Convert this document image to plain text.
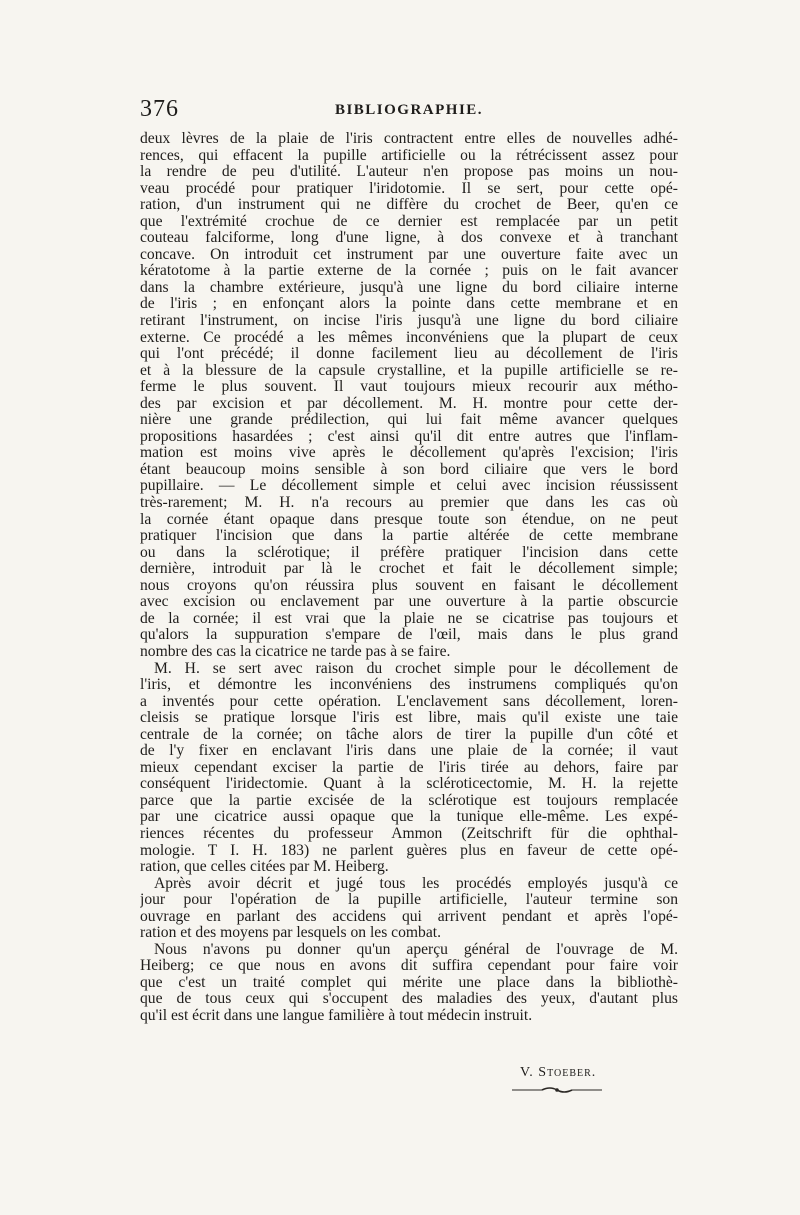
376	BIBLIOGRAPHIE.
deux lèvres de la plaie de l'iris contractent entre elles de nouvelles adhé-
rences, qui effacent la pupille artificielle ou la rétrécissent assez pour
la rendre de peu d'utilité. L'auteur n'en propose pas moins un nou-
veau procédé pour pratiquer l'iridotomie. Il se sert, pour cette opé-
ration, d'un instrument qui ne diffère du crochet de Beer, qu'en ce
que l'extrémité crochue de ce dernier est remplacée par un petit
couteau falciforme, long d'une ligne, à dos convexe et à tranchant
concave. On introduit cet instrument par une ouverture faite avec un
kératotome à la partie externe de la cornée ; puis on le fait avancer
dans la chambre extérieure, jusqu'à une ligne du bord ciliaire interne
de l'iris ; en enfonçant alors la pointe dans cette membrane et en
retirant l'instrument, on incise l'iris jusqu'à une ligne du bord ciliaire
externe. Ce procédé a les mêmes inconvéniens que la plupart de ceux
qui l'ont précédé; il donne facilement lieu au décollement de l'iris
et à la blessure de la capsule crystalline, et la pupille artificielle se re-
ferme le plus souvent. Il vaut toujours mieux recourir aux métho-
des par excision et par décollement. M. H. montre pour cette der-
nière une grande prédilection, qui lui fait même avancer quelques
propositions hasardées ; c'est ainsi qu'il dit entre autres que l'inflam-
mation est moins vive après le décollement qu'après l'excision; l'iris
étant beaucoup moins sensible à son bord ciliaire que vers le bord
pupillaire. — Le décollement simple et celui avec incision réussissent
très-rarement; M. H. n'a recours au premier que dans les cas où
la cornée étant opaque dans presque toute son étendue, on ne peut
pratiquer l'incision que dans la partie altérée de cette membrane
ou dans la sclérotique; il préfère pratiquer l'incision dans cette
dernière, introduit par là le crochet et fait le décollement simple;
nous croyons qu'on réussira plus souvent en faisant le décollement
avec excision ou enclavement par une ouverture à la partie obscurcie
de la cornée; il est vrai que la plaie ne se cicatrise pas toujours et
qu'alors la suppuration s'empare de l'œil, mais dans le plus grand
nombre des cas la cicatrice ne tarde pas à se faire.
M. H. se sert avec raison du crochet simple pour le décollement de
l'iris, et démontre les inconvéniens des instrumens compliqués qu'on
a inventés pour cette opération. L'enclavement sans décollement, loren-
cleisis se pratique lorsque l'iris est libre, mais qu'il existe une taie
centrale de la cornée; on tâche alors de tirer la pupille d'un côté et
de l'y fixer en enclavant l'iris dans une plaie de la cornée; il vaut
mieux cependant exciser la partie de l'iris tirée au dehors, faire par
conséquent l'iridectomie. Quant à la scléroticectomie, M. H. la rejette
parce que la partie excisée de la sclérotique est toujours remplacée
par une cicatrice aussi opaque que la tunique elle-même. Les expé-
riences récentes du professeur Ammon (Zeitschrift für die ophthal-
mologie. T I. H. 183) ne parlent guères plus en faveur de cette opé-
ration, que celles citées par M. Heiberg.
Après avoir décrit et jugé tous les procédés employés jusqu'à ce
jour pour l'opération de la pupille artificielle, l'auteur termine son
ouvrage en parlant des accidens qui arrivent pendant et après l'opé-
ration et des moyens par lesquels on les combat.
Nous n'avons pu donner qu'un aperçu général de l'ouvrage de M.
Heiberg; ce que nous en avons dit suffira cependant pour faire voir
que c'est un traité complet qui mérite une place dans la bibliothè-
que de tous ceux qui s'occupent des maladies des yeux, d'autant plus
qu'il est écrit dans une langue familière à tout médecin instruit.
V. Stoeber.
